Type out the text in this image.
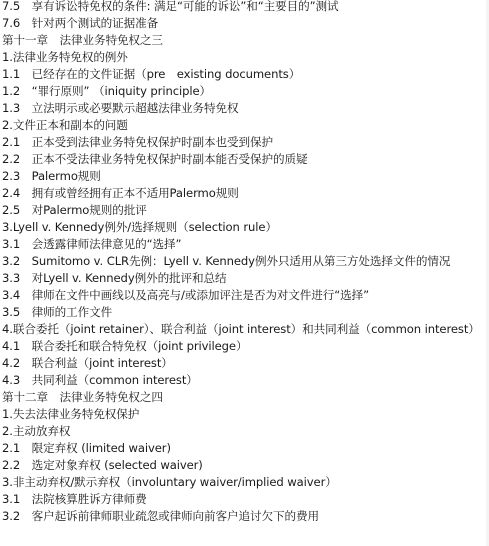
7.5　享有诉讼特免权的条件: 满足“可能的诉讼”和“主要目的”测试
7.6　针对两个测试的证据准备
第十一章　法律业务特免权之三
1.法律业务特免权的例外
1.1　已经存在的文件证据（pre　existing documents）
1.2　“罪行原则” （iniquity principle）
1.3　立法明示或必要默示超越法律业务特免权
2.文件正本和副本的问题
2.1　正本受到法律业务特免权保护时副本也受到保护
2.2　正本不受法律业务特免权保护时副本能否受保护的质疑
2.3　Palermo规则
2.4　拥有或曾经拥有正本不适用Palermo规则
2.5　对Palermo规则的批评
3.Lyell v. Kennedy例外/选择规则（selection rule）
3.1　会透露律师法律意见的“选择”
3.2　Sumitomo v. CLR先例：Lyell v. Kennedy例外只适用从第三方处选择文件的情况
3.3　对Lyell v. Kennedy例外的批评和总结
3.4　律师在文件中画线以及高亮与/或添加评注是否为对文件进行“选择”
3.5　律师的工作文件
4.联合委托（joint retainer）、联合利益（joint interest）和共同利益（common interest）
4.1　联合委托和联合特免权（joint privilege）
4.2　联合利益（joint interest）
4.3　共同利益（common interest）
第十二章　法律业务特免权之四
1.失去法律业务特免权保护
2.主动放弃权
2.1　限定弃权 (limited waiver)
2.2　选定对象弃权 (selected waiver)
3.非主动弃权/默示弃权（involuntary waiver/implied waiver）
3.1　法院核算胜诉方律师费
3.2　客户起诉前律师职业疏忽或律师向前客户追讨欠下的费用
